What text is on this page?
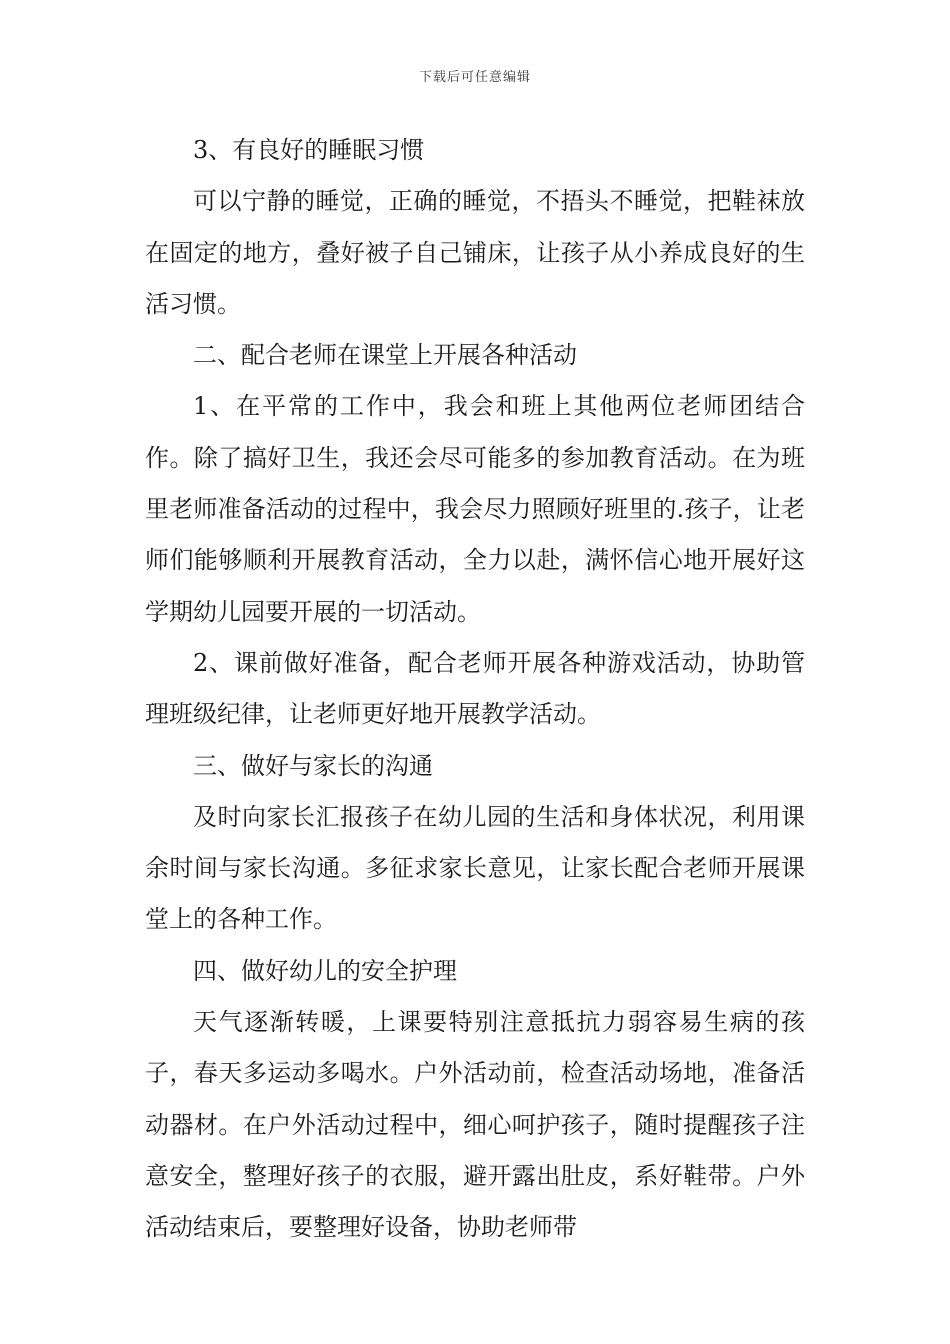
下载后可任意编辑

3、有良好的睡眠习惯

可以宁静的睡觉，正确的睡觉，不捂头不睡觉，把鞋袜放在固定的地方，叠好被子自己铺床，让孩子从小养成良好的生活习惯。

二、配合老师在课堂上开展各种活动

1、在平常的工作中，我会和班上其他两位老师团结合作。除了搞好卫生，我还会尽可能多的参加教育活动。在为班里老师准备活动的过程中，我会尽力照顾好班里的.孩子，让老师们能够顺利开展教育活动，全力以赴，满怀信心地开展好这学期幼儿园要开展的一切活动。

2、课前做好准备，配合老师开展各种游戏活动，协助管理班级纪律，让老师更好地开展教学活动。

三、做好与家长的沟通

及时向家长汇报孩子在幼儿园的生活和身体状况，利用课余时间与家长沟通。多征求家长意见，让家长配合老师开展课堂上的各种工作。

四、做好幼儿的安全护理

天气逐渐转暖，上课要特别注意抵抗力弱容易生病的孩子，春天多运动多喝水。户外活动前，检查活动场地，准备活动器材。在户外活动过程中，细心呵护孩子，随时提醒孩子注意安全，整理好孩子的衣服，避开露出肚皮，系好鞋带。户外活动结束后，要整理好设备，协助老师带
